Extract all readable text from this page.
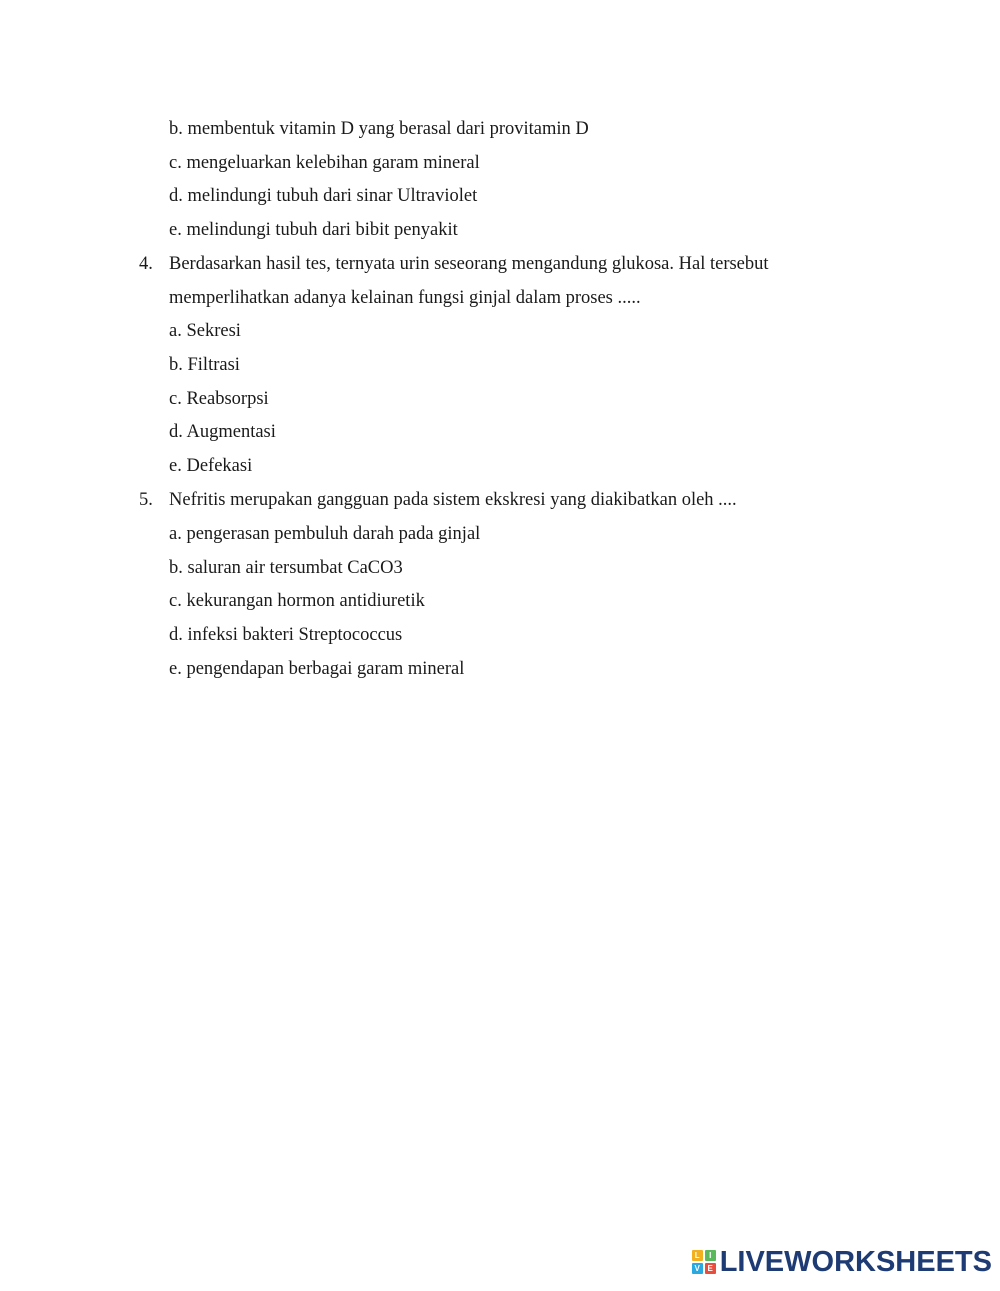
b. membentuk vitamin D yang berasal dari provitamin D
c. mengeluarkan kelebihan garam mineral
d. melindungi tubuh dari sinar Ultraviolet
e. melindungi tubuh dari bibit penyakit
4. Berdasarkan hasil tes, ternyata urin seseorang mengandung glukosa. Hal tersebut
memperlihatkan adanya kelainan fungsi ginjal dalam proses .....
a. Sekresi
b. Filtrasi
c. Reabsorpsi
d. Augmentasi
e. Defekasi
5. Nefritis merupakan gangguan pada sistem ekskresi yang diakibatkan oleh ....
a. pengerasan pembuluh darah pada ginjal
b. saluran air tersumbat CaCO3
c. kekurangan hormon antidiuretik
d. infeksi bakteri Streptococcus
e. pengendapan berbagai garam mineral
L	I
V E LIVEWORKSHEETS
